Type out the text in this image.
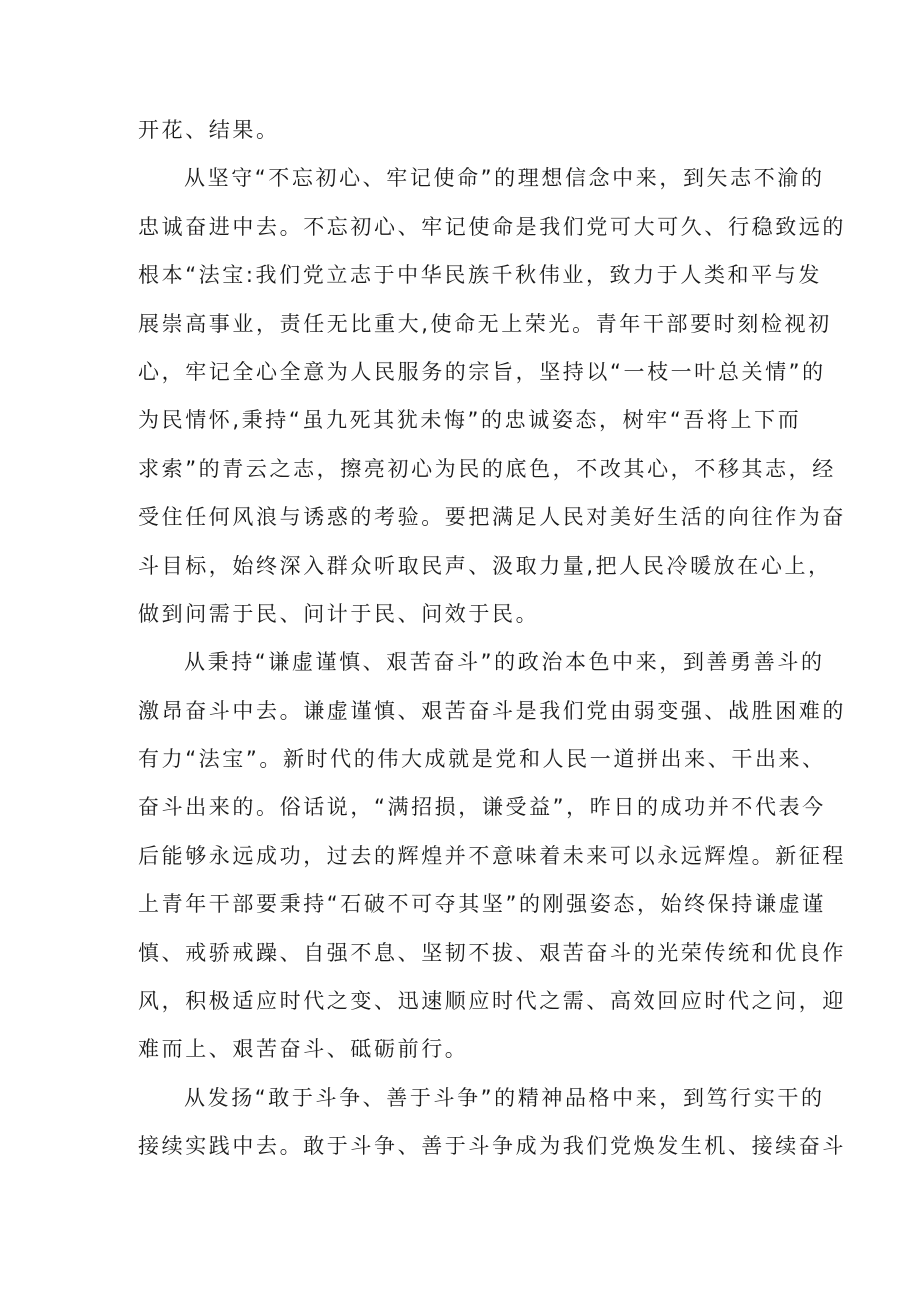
开花、结果。
从坚守“不忘初心、牢记使命”的理想信念中来，到矢志不渝的
忠诚奋进中去。不忘初心、牢记使命是我们党可大可久、行稳致远的
根本“法宝:我们党立志于中华民族千秋伟业，致力于人类和平与发
展崇高事业，责任无比重大,使命无上荣光。青年干部要时刻检视初
心，牢记全心全意为人民服务的宗旨，坚持以“一枝一叶总关情”的
为民情怀,秉持“虽九死其犹未悔”的忠诚姿态，树牢“吾将上下而
求索”的青云之志，擦亮初心为民的底色，不改其心，不移其志，经
受住任何风浪与诱惑的考验。要把满足人民对美好生活的向往作为奋
斗目标，始终深入群众听取民声、汲取力量,把人民冷暖放在心上，
做到问需于民、问计于民、问效于民。
从秉持“谦虚谨慎、艰苦奋斗”的政治本色中来，到善勇善斗的
激昂奋斗中去。谦虚谨慎、艰苦奋斗是我们党由弱变强、战胜困难的
有力“法宝”。新时代的伟大成就是党和人民一道拼出来、干出来、
奋斗出来的。俗话说，“满招损，谦受益”，昨日的成功并不代表今
后能够永远成功，过去的辉煌并不意味着未来可以永远辉煌。新征程
上青年干部要秉持“石破不可夺其坚”的刚强姿态，始终保持谦虚谨
慎、戒骄戒躁、自强不息、坚韧不拔、艰苦奋斗的光荣传统和优良作
风，积极适应时代之变、迅速顺应时代之需、高效回应时代之问，迎
难而上、艰苦奋斗、砥砺前行。
从发扬“敢于斗争、善于斗争”的精神品格中来，到笃行实干的
接续实践中去。敢于斗争、善于斗争成为我们党焕发生机、接续奋斗
